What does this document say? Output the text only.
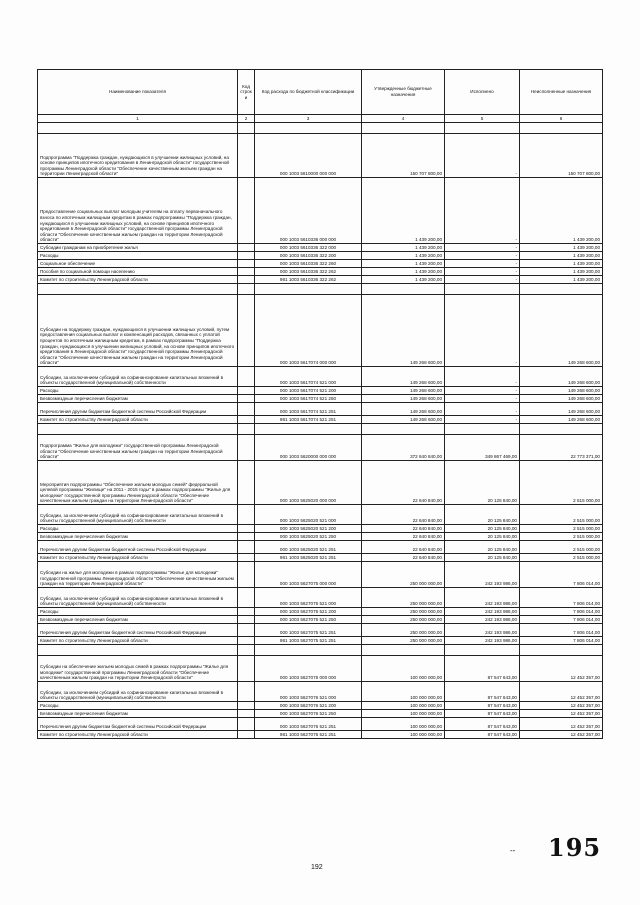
Наименование показателя	Код строк и	Код расхода по бюджетной классификации	Утвержденные бюджетные назначения	Исполнено	Неисполненные назначения
1	2	3	4	5	6

Подпрограмма "Поддержка граждан, нуждающихся в улучшении жилищных условий, на основе принципов ипотечного кредитования в Ленинградской области" государственной программы Ленинградской области "Обеспечение качественным жильем граждан на территории Ленинградской области"		000 1003 5610000 000 000	150 707 800,00	-	150 707 800,00
Предоставление социальных выплат молодым учителям на оплату первоначального взноса по ипотечным жилищным кредитам в рамках подпрограммы "Поддержка граждан, нуждающихся в улучшении жилищных условий, на основе принципов ипотечного кредитования в Ленинградской области" государственной программы Ленинградской области "Обеспечение качественным жильем граждан на территории Ленинградской области"		000 1003 5610336 000 000	1 439 200,00	-	1 439 200,00
Субсидии гражданам на приобретение жилья		000 1003 5610336 322 000	1 439 200,00	-	1 439 200,00
Расходы		000 1003 5610336 322 200	1 439 200,00	-	1 439 200,00
Социальное обеспечение		000 1003 5610336 322 260	1 439 200,00	-	1 439 200,00
Пособия по социальной помощи населению		000 1003 5610336 322 262	1 439 200,00	-	1 439 200,00
Комитет по строительству Ленинградской области		981 1003 5610336 322 262	1 439 200,00	-	1 439 200,00

Субсидии на поддержку граждан, нуждающихся в улучшении жилищных условий, путем предоставления социальных выплат и компенсаций расходов, связанных с уплатой процентов по ипотечным жилищным кредитам, в рамках подпрограммы "Поддержка граждан, нуждающихся в улучшении жилищных условий, на основе принципов ипотечного кредитования в Ленинградской области" государственной программы Ленинградской области "Обеспечение качественным жильем граждан на территории Ленинградской области"		000 1003 5617074 000 000	149 268 600,00	-	149 268 600,00
Субсидии, за исключением субсидий на софинансирование капитальных вложений в объекты государственной (муниципальной) собственности		000 1003 5617074 521 000	149 268 600,00	-	149 268 600,00
Расходы		000 1003 5617074 521 200	149 268 600,00	-	149 268 600,00
Безвозмездные перечисления бюджетам		000 1003 5617074 521 250	149 268 600,00	-	149 268 600,00
Перечисления другим бюджетам бюджетной системы Российской Федерации		000 1003 5617074 521 251	149 268 600,00	-	149 268 600,00
Комитет по строительству Ленинградской области		981 1003 5617074 521 251	149 268 600,00	-	149 268 600,00

Подпрограмма "Жилье для молодежи" государственной программы Ленинградской области "Обеспечение качественным жильем граждан на территории Ленинградской области"		000 1003 5620000 000 000	372 640 840,00	349 867 469,00	22 773 371,00
Мероприятия подпрограммы "Обеспечение жильем молодых семей" федеральной целевой программы "Жилище" на 2011 - 2015 годы" в рамках подпрограммы "Жилье для молодежи" государственной программы Ленинградской области "Обеспечение качественным жильем граждан на территории Ленинградской области"		000 1003 5625020 000 000	22 640 840,00	20 125 840,00	2 515 000,00
Субсидии, за исключением субсидий на софинансирование капитальных вложений в объекты государственной (муниципальной) собственности		000 1003 5625020 521 000	22 640 840,00	20 125 840,00	2 515 000,00
Расходы		000 1003 5625020 521 200	22 640 840,00	20 125 840,00	2 515 000,00
Безвозмездные перечисления бюджетам		000 1003 5625020 521 250	22 640 840,00	20 125 840,00	2 515 000,00
Перечисления другим бюджетам бюджетной системы Российской Федерации		000 1003 5625020 521 251	22 640 840,00	20 125 840,00	2 515 000,00
Комитет по строительству Ленинградской области		981 1003 5625020 521 251	22 640 840,00	20 125 840,00	2 515 000,00
Субсидии на жилье для молодежи в рамках подпрограммы "Жилье для молодежи" государственной программы Ленинградской области "Обеспечение качественным жильем граждан на территории Ленинградской области"		000 1003 5627075 000 000	250 000 000,00	242 193 986,00	7 806 014,00
Субсидии, за исключением субсидий на софинансирование капитальных вложений в объекты государственной (муниципальной) собственности		000 1003 5627075 521 000	250 000 000,00	242 193 986,00	7 806 014,00
Расходы		000 1003 5627075 521 200	250 000 000,00	242 193 986,00	7 806 014,00
Безвозмездные перечисления бюджетам		000 1003 5627075 521 250	250 000 000,00	242 193 986,00	7 806 014,00
Перечисления другим бюджетам бюджетной системы Российской Федерации		000 1003 5627075 521 251	250 000 000,00	242 193 986,00	7 806 014,00
Комитет по строительству Ленинградской области		981 1003 5627075 521 251	250 000 000,00	242 193 986,00	7 806 014,00

Субсидии на обеспечение жильем молодых семей в рамках подпрограммы "Жилье для молодежи" государственной программы Ленинградской области "Обеспечение качественным жильем граждан на территории Ленинградской области"		000 1003 5627076 000 000	100 000 000,00	87 547 643,00	12 452 357,00
Субсидии, за исключением субсидий на софинансирование капитальных вложений в объекты государственной (муниципальной) собственности		000 1003 5627076 521 000	100 000 000,00	87 547 643,00	12 452 357,00
Расходы		000 1003 5627076 521 200	100 000 000,00	87 547 643,00	12 452 357,00
Безвозмездные перечисления бюджетам		000 1003 5627076 521 250	100 000 000,00	87 547 643,00	12 452 357,00
Перечисления другим бюджетам бюджетной системы Российской Федерации		000 1003 5627076 521 251	100 000 000,00	87 547 643,00	12 452 357,00
Комитет по строительству Ленинградской области		981 1003 5627076 521 251	100 000 000,00	87 547 643,00	12 452 357,00
-- 195
192
